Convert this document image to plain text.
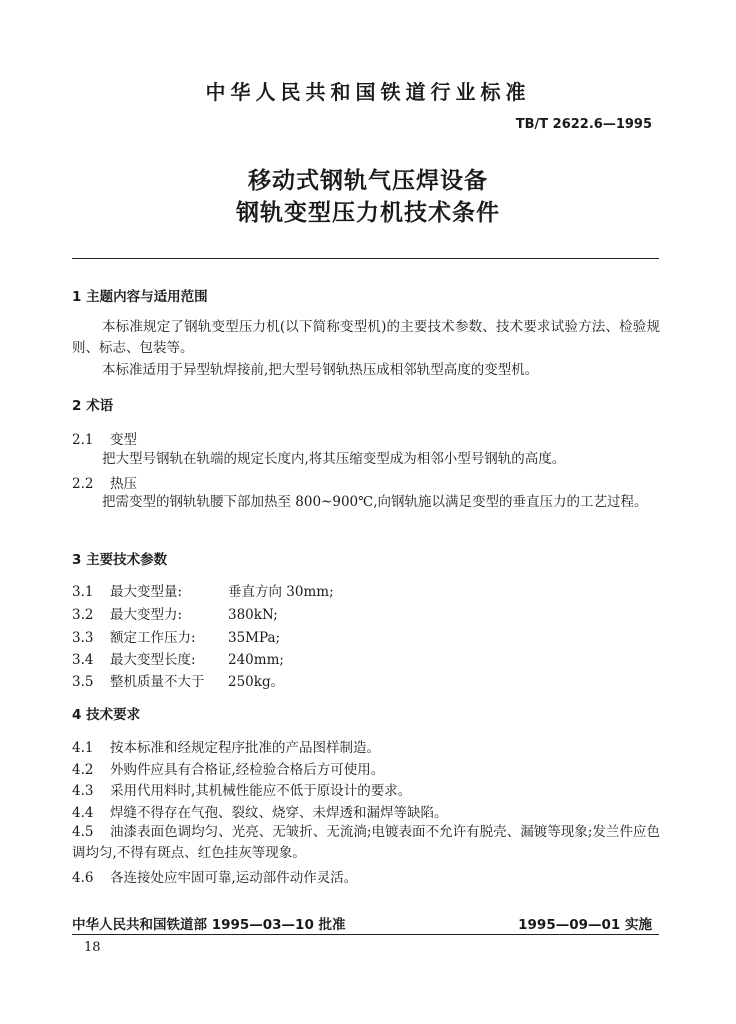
中华人民共和国铁道行业标准
TB/T 2622.6—1995
移动式钢轨气压焊设备
钢轨变型压力机技术条件
1 主题内容与适用范围
本标准规定了钢轨变型压力机(以下简称变型机)的主要技术参数、技术要求试验方法、检验规则、标志、包装等。
本标准适用于异型轨焊接前,把大型号钢轨热压成相邻轨型高度的变型机。
2 术语
2.1 变型
把大型号钢轨在轨端的规定长度内,将其压缩变型成为相邻小型号钢轨的高度。
2.2 热压
把需变型的钢轨轨腰下部加热至 800~900℃,向钢轨施以满足变型的垂直压力的工艺过程。
3 主要技术参数
3.1 最大变型量:	垂直方向 30mm;
3.2 最大变型力:	380kN;
3.3 额定工作压力: 35MPa;
3.4 最大变型长度: 240mm;
3.5 整机质量不大于 250kg。
4 技术要求
4.1 按本标准和经规定程序批准的产品图样制造。
4.2 外购件应具有合格证,经检验合格后方可使用。
4.3 采用代用料时,其机械性能应不低于原设计的要求。
4.4 焊缝不得存在气孢、裂纹、烧穿、未焊透和漏焊等缺陷。
4.5 油漆表面色调均匀、光亮、无皱折、无流淌;电镀表面不允许有脱壳、漏镀等现象;发兰件应色调均匀,不得有斑点、红色挂灰等现象。
4.6 各连接处应牢固可靠,运动部件动作灵活。
中华人民共和国铁道部 1995—03—10 批准	1995—09—01 实施
18
